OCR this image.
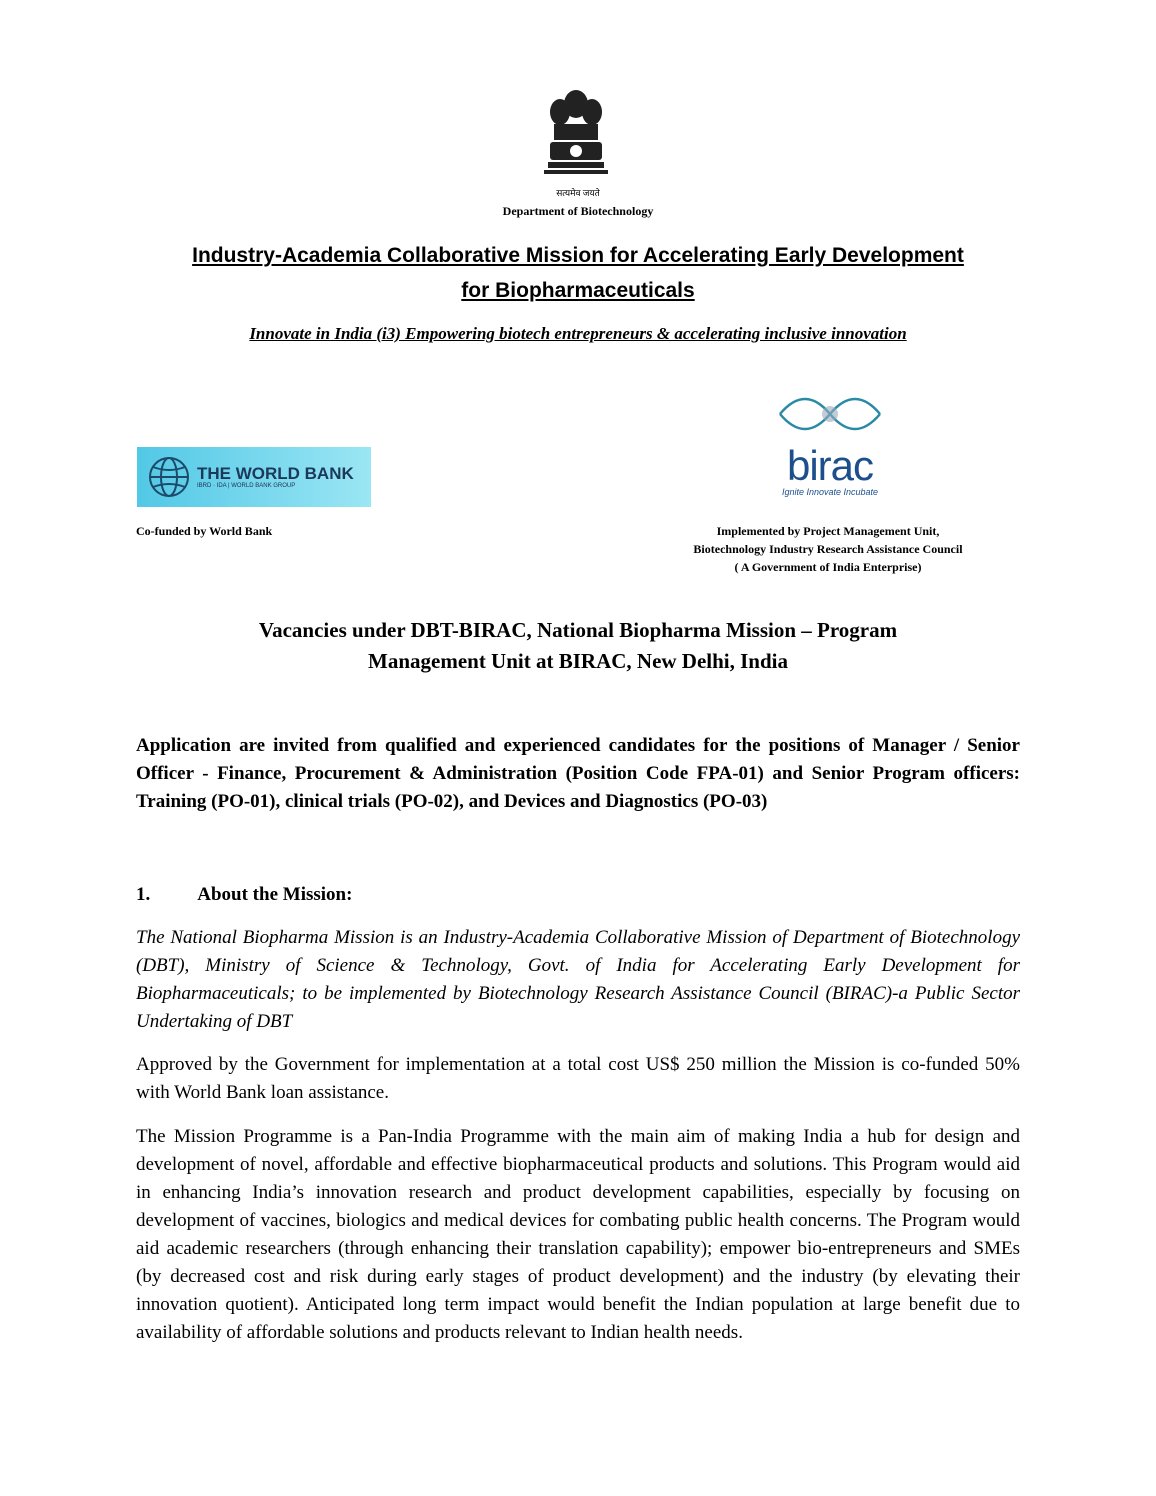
सत्यमेव जयते
Department of Biotechnology
Industry-Academia Collaborative Mission for Accelerating Early Development
for Biopharmaceuticals
Innovate in India (i3) Empowering biotech entrepreneurs & accelerating inclusive innovation
THE WORLD BANK
IBRD · IDA | WORLD BANK GROUP
Co-funded by World Bank
birac
Ignite Innovate Incubate
Implemented by Project Management Unit,
Biotechnology Industry Research Assistance Council
( A Government of India Enterprise)
Vacancies under DBT-BIRAC, National Biopharma Mission – Program
Management Unit at BIRAC, New Delhi, India
Application are invited from qualified and experienced candidates for the positions of Manager / Senior Officer - Finance, Procurement & Administration (Position Code FPA-01) and Senior Program officers: Training (PO-01), clinical trials (PO-02), and Devices and Diagnostics (PO-03)
1. About the Mission:
The National Biopharma Mission is an Industry-Academia Collaborative Mission of Department of Biotechnology (DBT), Ministry of Science & Technology, Govt. of India for Accelerating Early Development for Biopharmaceuticals; to be implemented by Biotechnology Research Assistance Council (BIRAC)-a Public Sector Undertaking of DBT
Approved by the Government for implementation at a total cost US$ 250 million the Mission is co-funded 50% with World Bank loan assistance.
The Mission Programme is a Pan-India Programme with the main aim of making India a hub for design and development of novel, affordable and effective biopharmaceutical products and solutions. This Program would aid in enhancing India’s innovation research and product development capabilities, especially by focusing on development of vaccines, biologics and medical devices for combating public health concerns. The Program would aid academic researchers (through enhancing their translation capability); empower bio-entrepreneurs and SMEs (by decreased cost and risk during early stages of product development) and the industry (by elevating their innovation quotient). Anticipated long term impact would benefit the Indian population at large benefit due to availability of affordable solutions and products relevant to Indian health needs.
